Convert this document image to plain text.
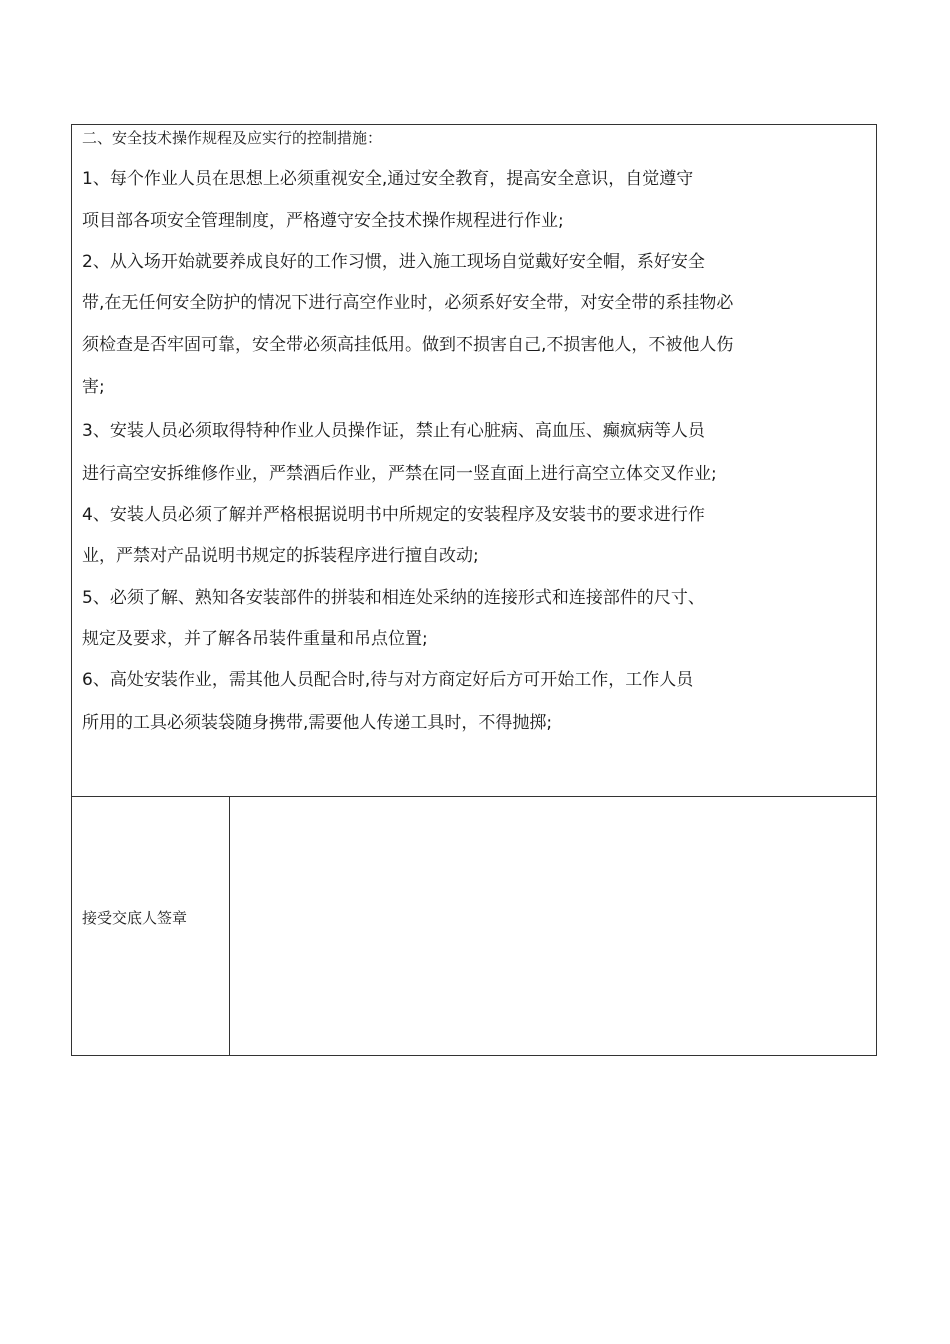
二、安全技术操作规程及应实行的控制措施：
1、每个作业人员在思想上必须重视安全,通过安全教育，提高安全意识，自觉遵守
项目部各项安全管理制度，严格遵守安全技术操作规程进行作业;
2、从入场开始就要养成良好的工作习惯，进入施工现场自觉戴好安全帽，系好安全
带,在无任何安全防护的情况下进行高空作业时，必须系好安全带，对安全带的系挂物必
须检查是否牢固可靠，安全带必须高挂低用。做到不损害自己,不损害他人，不被他人伤
害;
3、安装人员必须取得特种作业人员操作证，禁止有心脏病、高血压、癫疯病等人员
进行高空安拆维修作业，严禁酒后作业，严禁在同一竖直面上进行高空立体交叉作业;
4、安装人员必须了解并严格根据说明书中所规定的安装程序及安装书的要求进行作
业，严禁对产品说明书规定的拆装程序进行擅自改动;
5、必须了解、熟知各安装部件的拼装和相连处采纳的连接形式和连接部件的尺寸、
规定及要求，并了解各吊装件重量和吊点位置;
6、高处安装作业，需其他人员配合时,待与对方商定好后方可开始工作，工作人员
所用的工具必须装袋随身携带,需要他人传递工具时，不得抛掷;
接受交底人签章
